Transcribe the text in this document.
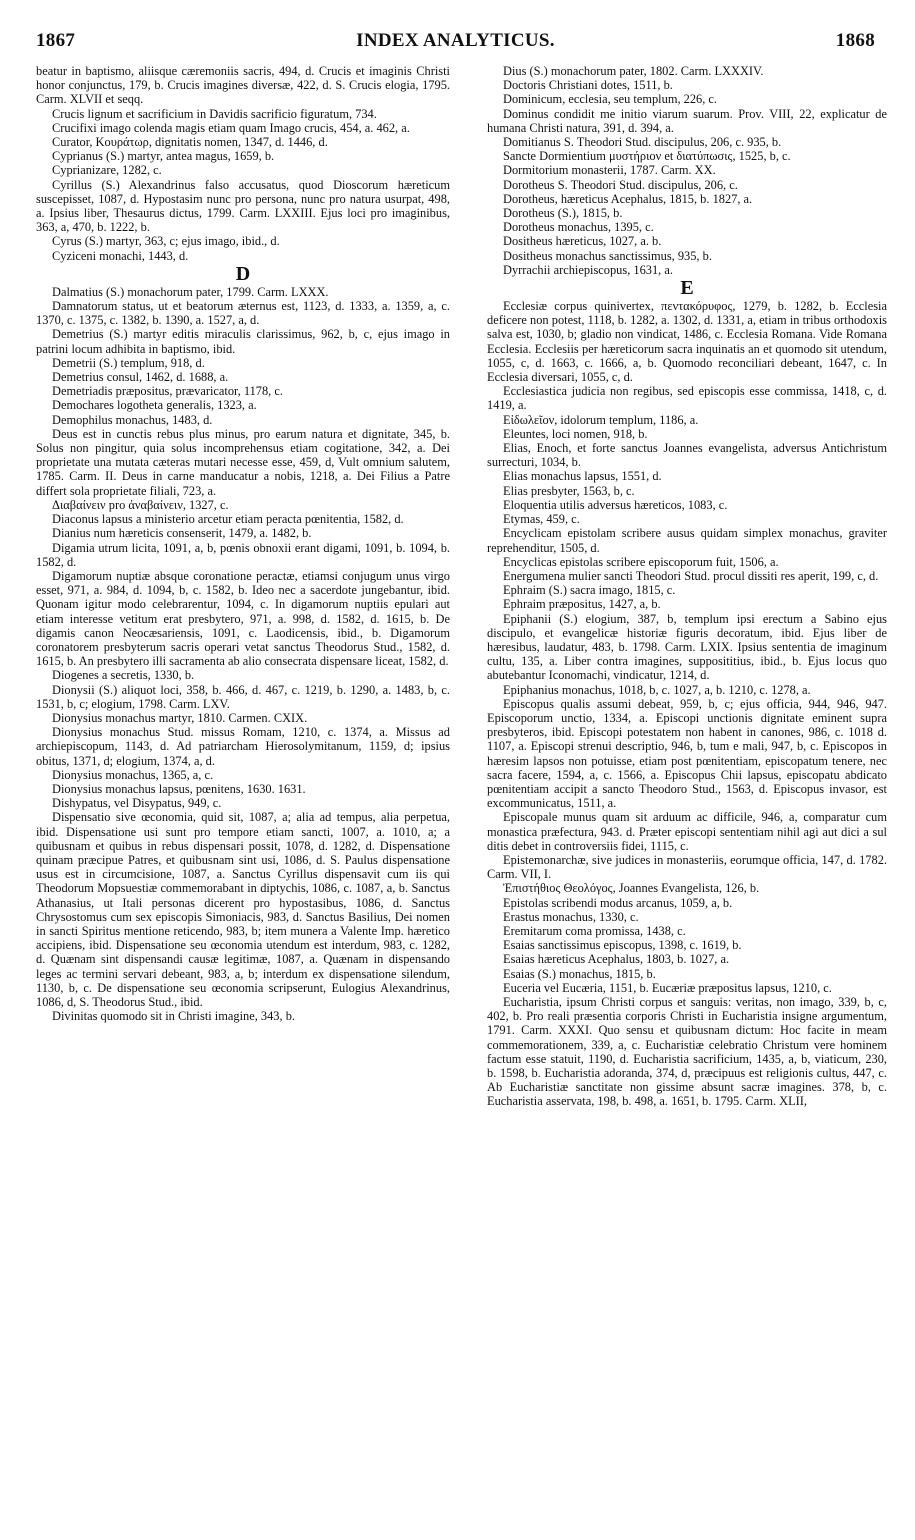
1867	INDEX ANALYTICUS.	1868

beatur in baptismo, aliisque cæremoniis sacris, 494, d. Crucis et imaginis Christi honor conjunctus, 179, b. Crucis imagines diversæ, 422, d. S. Crucis elogia, 1795. Carm. XLVII et seqq.

Crucis lignum et sacrificium in Davidis sacrificio figuratum, 734.

Crucifixi imago colenda magis etiam quam Imago crucis, 454, a. 462, a.

Curator, Κουράτωρ, dignitatis nomen, 1347, d. 1446, d.

Cyprianus (S.) martyr, antea magus, 1659, b.

Cyprianizare, 1282, c.

Cyrillus (S.) Alexandrinus falso accusatus, quod Dioscorum hæreticum suscepisset, 1087, d. Hypostasim nunc pro persona, nunc pro natura usurpat, 498, a. Ipsius liber, Thesaurus dictus, 1799. Carm. LXXIII. Ejus loci pro imaginibus, 363, a, 470, b. 1222, b.

Cyrus (S.) martyr, 363, c; ejus imago, ibid., d.

Cyziceni monachi, 1443, d.

D

Dalmatius (S.) monachorum pater, 1799. Carm. LXXX.

Damnatorum status, ut et beatorum æternus est, 1123, d. 1333, a. 1359, a, c. 1370, c. 1375, c. 1382, b. 1390, a. 1527, a, d.

Demetrius (S.) martyr editis miraculis clarissimus, 962, b, c, ejus imago in patrini locum adhibita in baptismo, ibid.

Demetrii (S.) templum, 918, d.

Demetrius consul, 1462, d. 1688, a.

Demetriadis præpositus, prævaricator, 1178, c.

Demochares logotheta generalis, 1323, a.

Demophilus monachus, 1483, d.

Deus est in cunctis rebus plus minus, pro earum natura et dignitate, 345, b. Solus non pingitur, quia solus incomprehensus etiam cogitatione, 342, a. Dei proprietate una mutata cæteras mutari necesse esse, 459, d, Vult omnium salutem, 1785. Carm. II. Deus in carne manducatur a nobis, 1218, a. Dei Filius a Patre differt sola proprietate filiali, 723, a.

Διαβαίνειν pro ἀναβαίνειν, 1327, c.

Diaconus lapsus a ministerio arcetur etiam peracta pœnitentia, 1582, d.

Dianius num hæreticis consenserit, 1479, a. 1482, b.

Digamia utrum licita, 1091, a, b, pœnis obnoxii erant digami, 1091, b. 1094, b. 1582, d.

Digamorum nuptiæ absque coronatione peractæ, etiamsi conjugum unus virgo esset, 971, a. 984, d. 1094, b, c. 1582, b. Ideo nec a sacerdote jungebantur, ibid. Quonam igitur modo celebrarentur, 1094, c. In digamorum nuptiis epulari aut etiam interesse vetitum erat presbytero, 971, a. 998, d. 1582, d. 1615, b. De digamis canon Neocæsariensis, 1091, c. Laodicensis, ibid., b. Digamorum coronatorem presbyterum sacris operari vetat sanctus Theodorus Stud., 1582, d. 1615, b. An presbytero illi sacramenta ab alio consecrata dispensare liceat, 1582, d.

Diogenes a secretis, 1330, b.

Dionysii (S.) aliquot loci, 358, b. 466, d. 467, c. 1219, b. 1290, a. 1483, b, c. 1531, b, c; elogium, 1798. Carm. LXV.

Dionysius monachus martyr, 1810. Carmen. CXIX.

Dionysius monachus Stud. missus Romam, 1210, c. 1374, a. Missus ad archiepiscopum, 1143, d. Ad patriarcham Hierosolymitanum, 1159, d; ipsius obitus, 1371, d; elogium, 1374, a, d.

Dionysius monachus, 1365, a, c.

Dionysius monachus lapsus, pœnitens, 1630. 1631.

Dishypatus, vel Disypatus, 949, c.

Dispensatio sive œconomia, quid sit, 1087, a; alia ad tempus, alia perpetua, ibid. Dispensatione usi sunt pro tempore etiam sancti, 1007, a. 1010, a; a quibusnam et quibus in rebus dispensari possit, 1078, d. 1282, d. Dispensatione quinam præcipue Patres, et quibusnam sint usi, 1086, d. S. Paulus dispensatione usus est in circumcisione, 1087, a. Sanctus Cyrillus dispensavit cum iis qui Theodorum Mopsuestiæ commemorabant in diptychis, 1086, c. 1087, a, b. Sanctus Athanasius, ut Itali personas dicerent pro hypostasibus, 1086, d. Sanctus Chrysostomus cum sex episcopis Simoniacis, 983, d. Sanctus Basilius, Dei nomen in sancti Spiritus mentione reticendo, 983, b; item munera a Valente Imp. hæretico accipiens, ibid. Dispensatione seu œconomia utendum est interdum, 983, c. 1282, d. Quænam sint dispensandi causæ legitimæ, 1087, a. Quænam in dispensando leges ac termini servari debeant, 983, a, b; interdum ex dispensatione silendum, 1130, b, c. De dispensatione seu œconomia scripserunt, Eulogius Alexandrinus, 1086, d, S. Theodorus Stud., ibid.

Divinitas quomodo sit in Christi imagine, 343, b.

Dius (S.) monachorum pater, 1802. Carm. LXXXIV.

Doctoris Christiani dotes, 1511, b.

Dominicum, ecclesia, seu templum, 226, c.

Dominus condidit me initio viarum suarum. Prov. VIII, 22, explicatur de humana Christi natura, 391, d. 394, a.

Domitianus S. Theodori Stud. discipulus, 206, c. 935, b.

Sancte Dormientium μυστήριον et διατύπωσις, 1525, b, c.

Dormitorium monasterii, 1787. Carm. XX.

Dorotheus S. Theodori Stud. discipulus, 206, c.

Dorotheus, hæreticus Acephalus, 1815, b. 1827, a.

Dorotheus (S.), 1815, b.

Dorotheus monachus, 1395, c.

Dositheus hæreticus, 1027, a. b.

Dositheus monachus sanctissimus, 935, b.

Dyrrachii archiepiscopus, 1631, a.

E

Ecclesiæ corpus quinivertex, πεντακόρυφος, 1279, b. 1282, b. Ecclesia deficere non potest, 1118, b. 1282, a. 1302, d. 1331, a, etiam in tribus orthodoxis salva est, 1030, b; gladio non vindicat, 1486, c. Ecclesia Romana. Vide Romana Ecclesia. Ecclesiis per hæreticorum sacra inquinatis an et quomodo sit utendum, 1055, c, d. 1663, c. 1666, a, b. Quomodo reconciliari debeant, 1647, c. In Ecclesia diversari, 1055, c, d.

Ecclesiastica judicia non regibus, sed episcopis esse commissa, 1418, c, d. 1419, a.

Εἰδωλεῖον, idolorum templum, 1186, a.

Eleuntes, loci nomen, 918, b.

Elias, Enoch, et forte sanctus Joannes evangelista, adversus Antichristum surrecturi, 1034, b.

Elias monachus lapsus, 1551, d.

Elias presbyter, 1563, b, c.

Eloquentia utilis adversus hæreticos, 1083, c.

Etymas, 459, c.

Encyclicam epistolam scribere ausus quidam simplex monachus, graviter reprehenditur, 1505, d.

Encyclicas epistolas scribere episcoporum fuit, 1506, a.

Energumena mulier sancti Theodori Stud. procul dissiti res aperit, 199, c, d.

Ephraim (S.) sacra imago, 1815, c.

Ephraim præpositus, 1427, a, b.

Epiphanii (S.) elogium, 387, b, templum ipsi erectum a Sabino ejus discipulo, et evangelicæ historiæ figuris decoratum, ibid. Ejus liber de hæresibus, laudatur, 483, b. 1798. Carm. LXIX. Ipsius sententia de imaginum cultu, 135, a. Liber contra imagines, supposititius, ibid., b. Ejus locus quo abutebantur Iconomachi, vindicatur, 1214, d.

Epiphanius monachus, 1018, b, c. 1027, a, b. 1210, c. 1278, a.

Episcopus qualis assumi debeat, 959, b, c; ejus officia, 944, 946, 947. Episcoporum unctio, 1334, a. Episcopi unctionis dignitate eminent supra presbyteros, ibid. Episcopi potestatem non habent in canones, 986, c. 1018 d. 1107, a. Episcopi strenui descriptio, 946, b, tum e mali, 947, b, c. Episcopos in hæresim lapsos non potuisse, etiam post pœnitentiam, episcopatum tenere, nec sacra facere, 1594, a, c. 1566, a. Episcopus Chii lapsus, episcopatu abdicato pœnitentiam accipit a sancto Theodoro Stud., 1563, d. Episcopus invasor, est excommunicatus, 1511, a.

Episcopale munus quam sit arduum ac difficile, 946, a, comparatur cum monastica præfectura, 943. d. Præter episcopi sententiam nihil agi aut dici a sul ditis debet in controversiis fidei, 1115, c.

Epistemonarchæ, sive judices in monasteriis, eorumque officia, 147, d. 1782. Carm. VII, I.

Ἐπιστήθιος Θεολόγος, Joannes Evangelista, 126, b.

Epistolas scribendi modus arcanus, 1059, a, b.

Erastus monachus, 1330, c.

Eremitarum coma promissa, 1438, c.

Esaias sanctissimus episcopus, 1398, c. 1619, b.

Esaias hæreticus Acephalus, 1803, b. 1027, a.

Esaias (S.) monachus, 1815, b.

Euceria vel Eucæria, 1151, b. Eucæriæ præpositus lapsus, 1210, c.

Eucharistia, ipsum Christi corpus et sanguis: veritas, non imago, 339, b, c, 402, b. Pro reali præsentia corporis Christi in Eucharistia insigne argumentum, 1791. Carm. XXXI. Quo sensu et quibusnam dictum: Hoc facite in meam commemorationem, 339, a, c. Eucharistiæ celebratio Christum vere hominem factum esse statuit, 1190, d. Eucharistia sacrificium, 1435, a, b, viaticum, 230, b. 1598, b. Eucharistia adoranda, 374, d, præcipuus est religionis cultus, 447, c. Ab Eucharistiæ sanctitate non gissime absunt sacræ imagines. 378, b, c. Eucharistia asservata, 198, b. 498, a. 1651, b. 1795. Carm. XLII,
